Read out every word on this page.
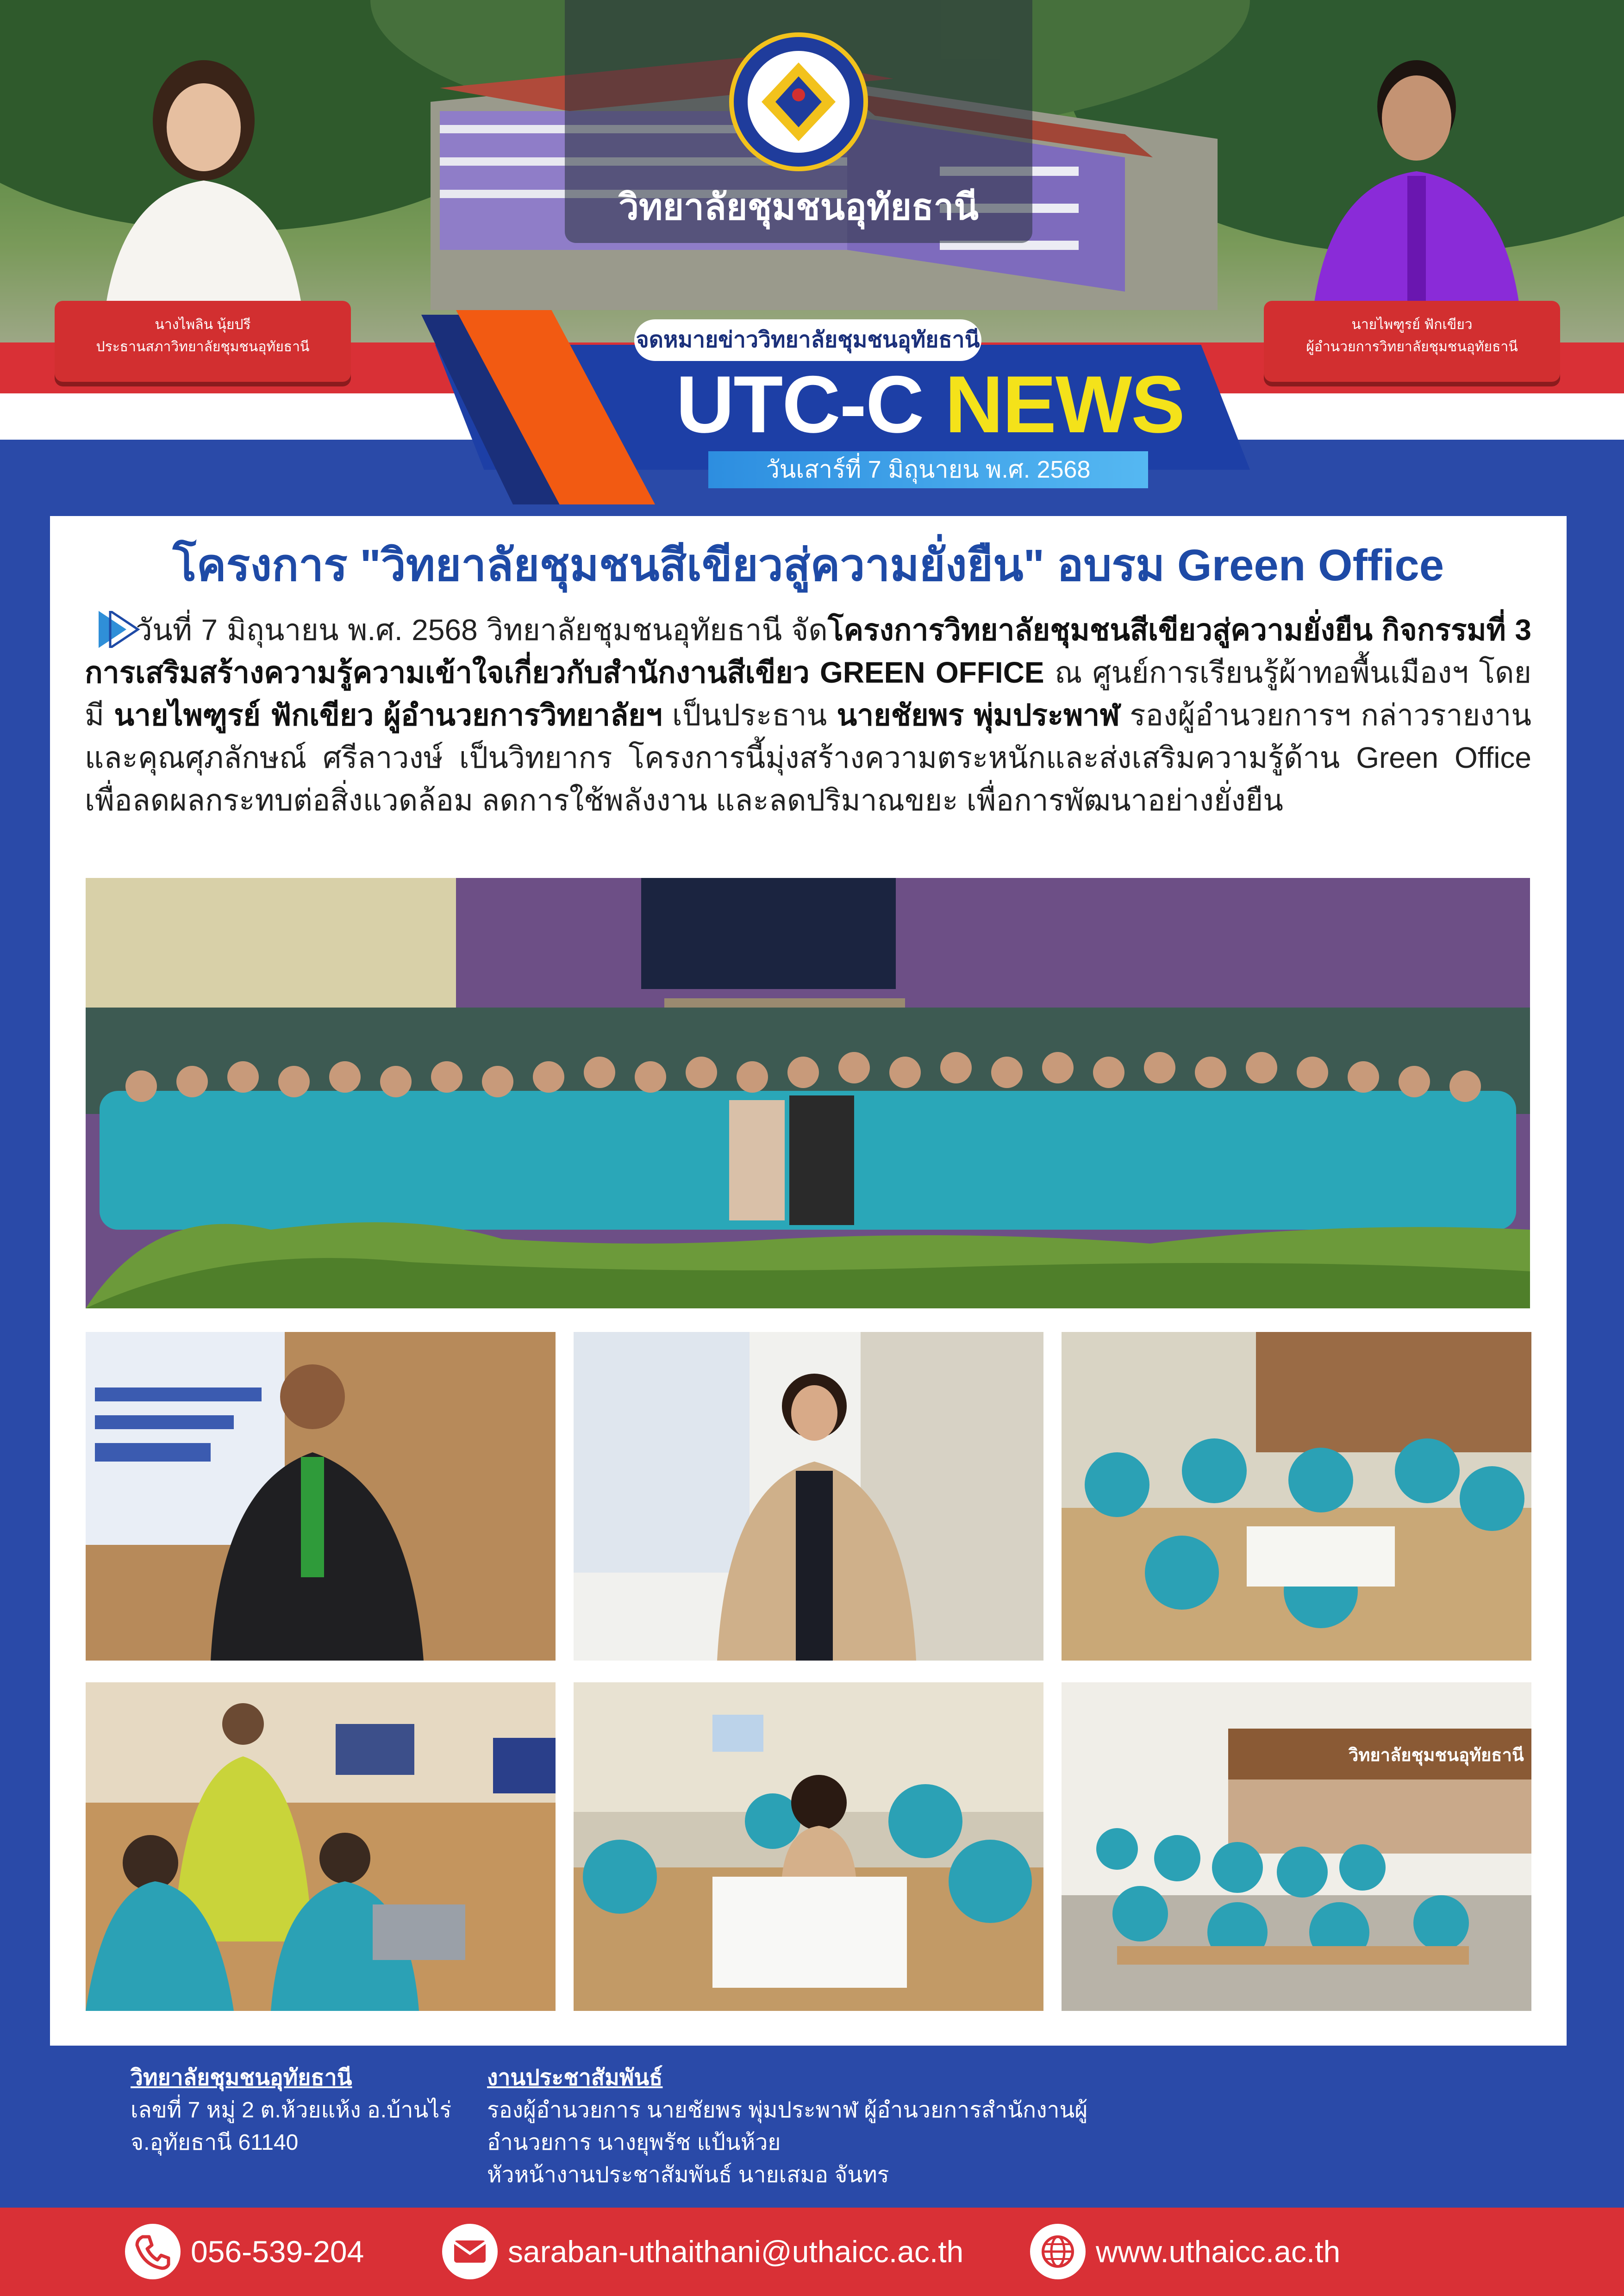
วิทยาลัยชุมชนอุทัยธานี
นางไพลิน นุ้ยปรี
ประธานสภาวิทยาลัยชุมชนอุทัยธานี
นายไพฑูรย์ ฟักเขียว
ผู้อำนวยการวิทยาลัยชุมชนอุทัยธานี
จดหมายข่าววิทยาลัยชุมชนอุทัยธานี
UTC-C NEWS
วันเสาร์ที่ 7 มิถุนายน พ.ศ. 2568
โครงการ "วิทยาลัยชุมชนสีเขียวสู่ความยั่งยืน" อบรม Green Office

วันที่ 7 มิถุนายน พ.ศ. 2568 วิทยาลัยชุมชนอุทัยธานี จัดโครงการวิทยาลัยชุมชนสีเขียวสู่ความยั่งยืน กิจกรรมที่ 3 การเสริมสร้างความรู้ความเข้าใจเกี่ยวกับสำนักงานสีเขียว GREEN OFFICE ณ ศูนย์การเรียนรู้ผ้าทอพื้นเมืองฯ โดยมี นายไพฑูรย์ ฟักเขียว ผู้อำนวยการวิทยาลัยฯ เป็นประธาน นายชัยพร พุ่มประพาฬ รองผู้อำนวยการฯ กล่าวรายงาน และคุณศุภลักษณ์ ศรีลาวงษ์ เป็นวิทยากร โครงการนี้มุ่งสร้างความตระหนักและส่งเสริมความรู้ด้าน Green Office เพื่อลดผลกระทบต่อสิ่งแวดล้อม ลดการใช้พลังงาน และลดปริมาณขยะ เพื่อการพัฒนาอย่างยั่งยืน

วิทยาลัยชุมชนอุทัยธานี
วิทยาลัยชุมชนอุทัยธานี
เลขที่ 7 หมู่ 2 ต.ห้วยแห้ง อ.บ้านไร่
จ.อุทัยธานี 61140
งานประชาสัมพันธ์
รองผู้อำนวยการ นายชัยพร พุ่มประพาฬ ผู้อำนวยการสำนักงานผู้
อำนวยการ นางยุพรัช แป้นห้วย
หัวหน้างานประชาสัมพันธ์ นายเสมอ จันทร
056-539-204	saraban-uthaithani@uthaicc.ac.th	www.uthaicc.ac.th
